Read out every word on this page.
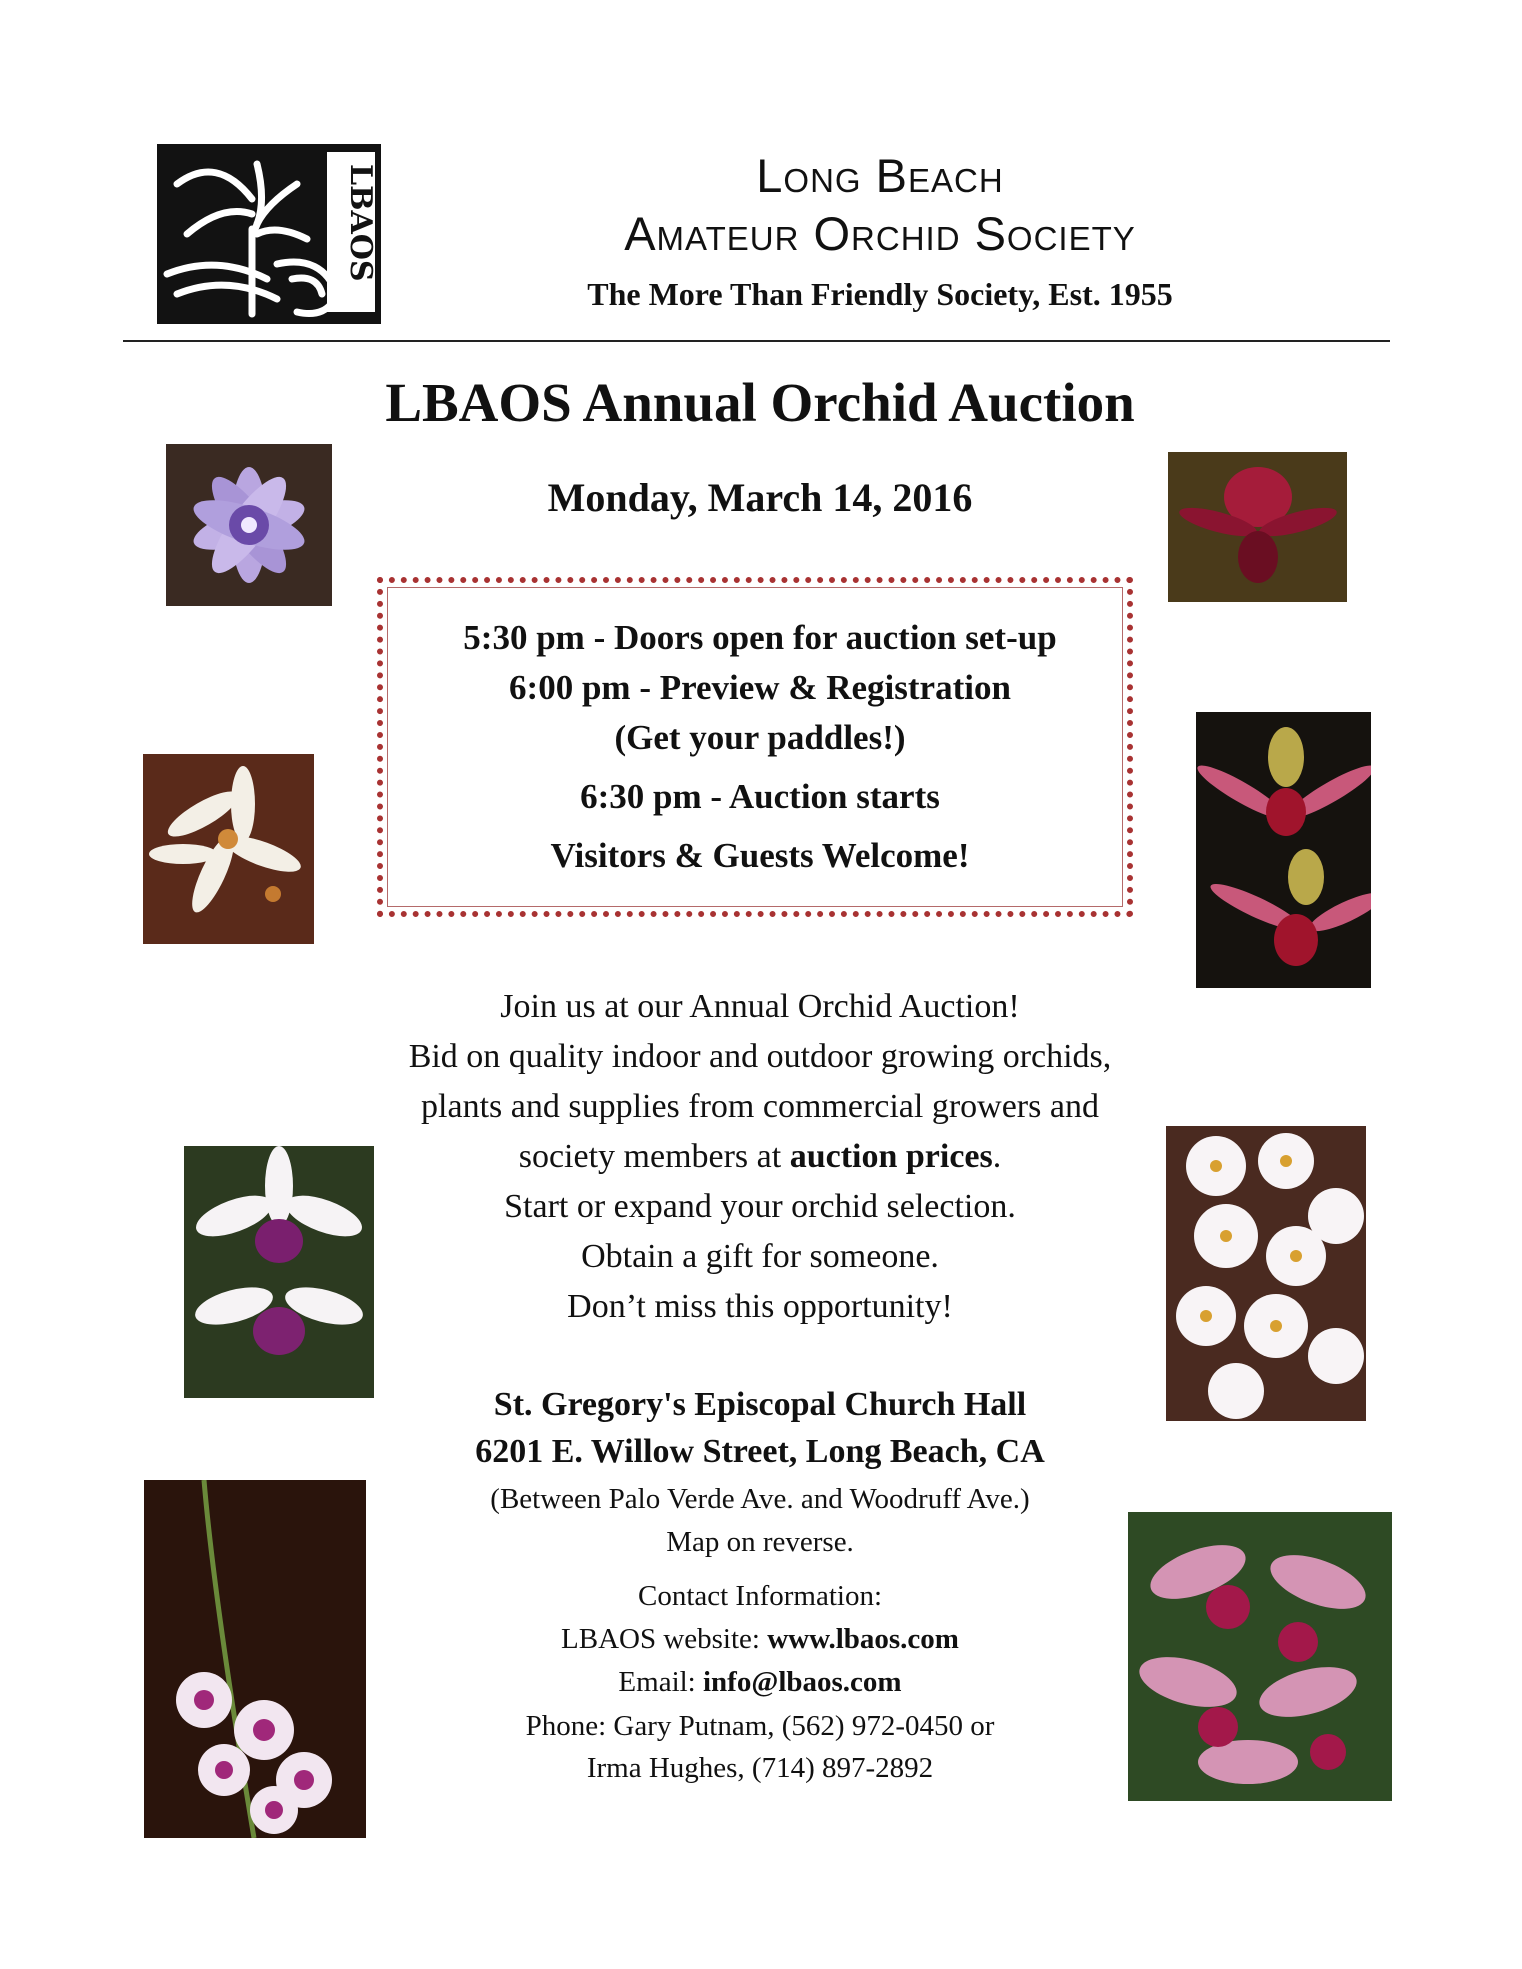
LBAOS	Long Beach
Amateur Orchid Society
The More Than Friendly Society, Est. 1955
LBAOS Annual Orchid Auction
Monday, March 14, 2016
5:30 pm - Doors open for auction set-up
6:00 pm - Preview & Registration
(Get your paddles!)
6:30 pm - Auction starts
Visitors & Guests Welcome!
Join us at our Annual Orchid Auction!
Bid on quality indoor and outdoor growing orchids,
plants and supplies from commercial growers and
society members at auction prices.
Start or expand your orchid selection.
Obtain a gift for someone.
Don’t miss this opportunity!
St. Gregory's Episcopal Church Hall
6201 E. Willow Street, Long Beach, CA
(Between Palo Verde Ave. and Woodruff Ave.)
Map on reverse.
Contact Information:
LBAOS website: www.lbaos.com
Email: info@lbaos.com
Phone: Gary Putnam, (562) 972-0450 or
Irma Hughes, (714) 897-2892
